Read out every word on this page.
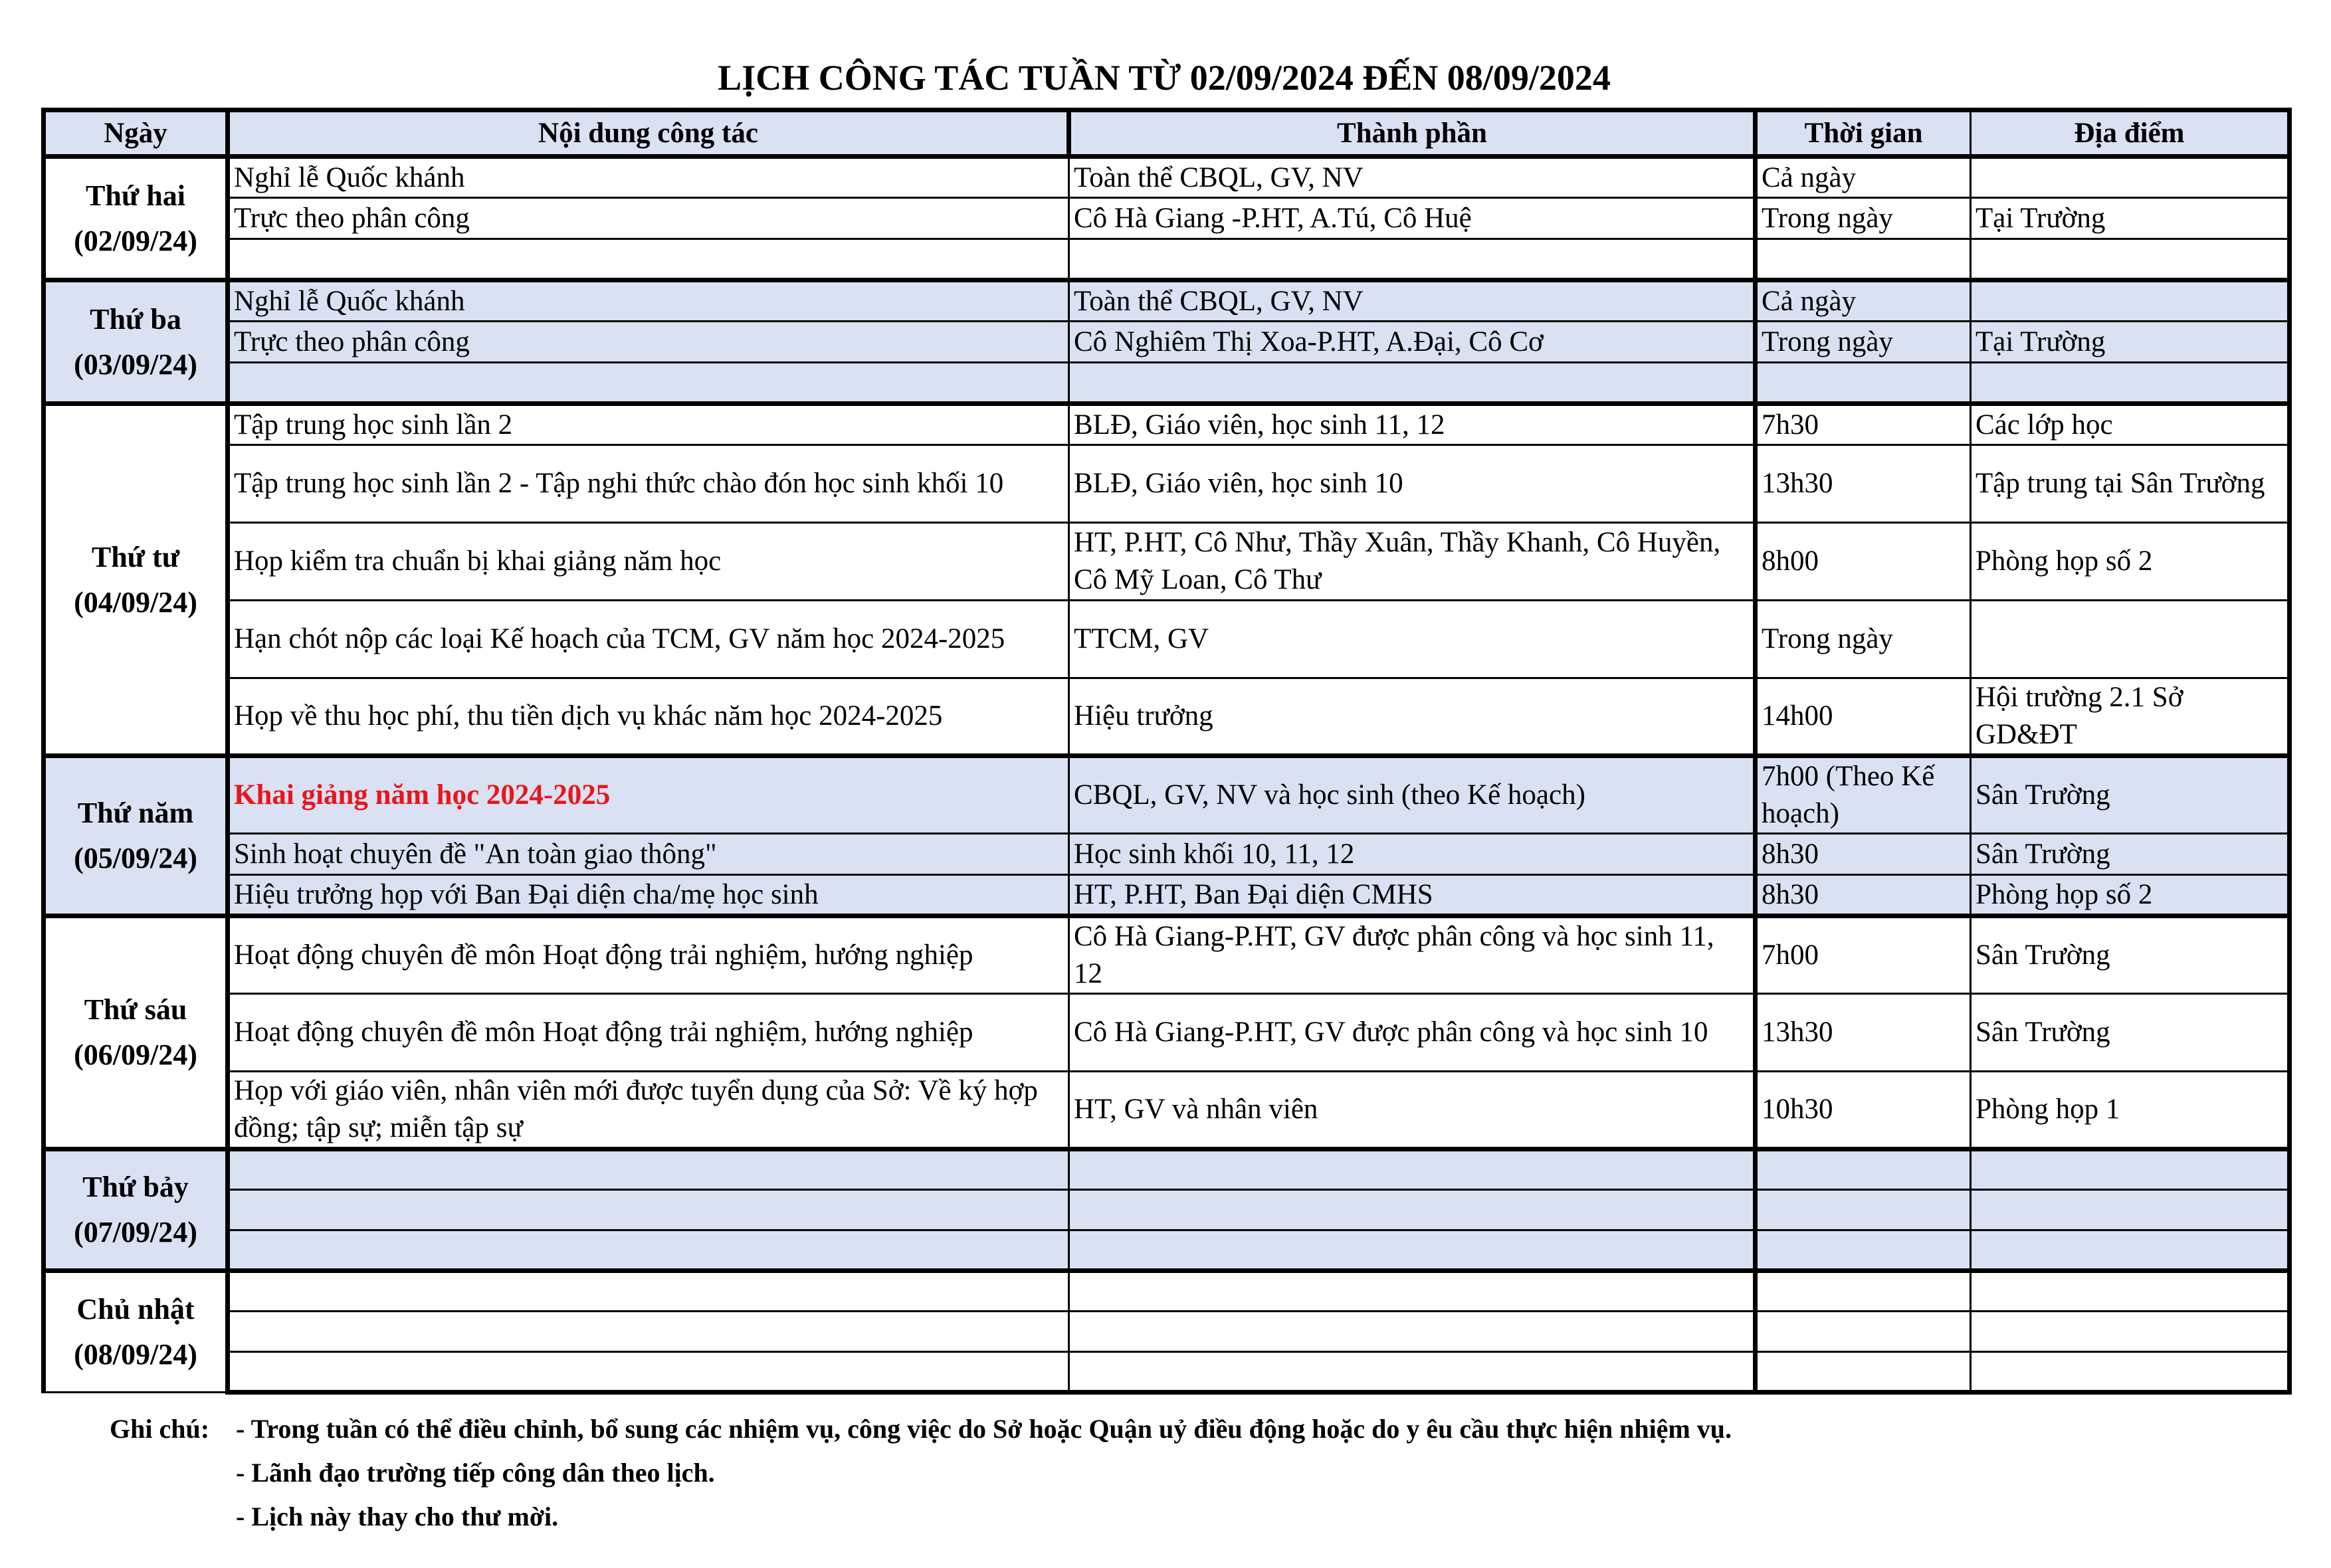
LỊCH CÔNG TÁC TUẦN TỪ 02/09/2024 ĐẾN 08/09/2024
Ngày	Nội dung công tác	Thành phần	Thời gian	Địa điểm

Thứ hai
(02/09/24)	Nghỉ lễ Quốc khánh	Toàn thể CBQL, GV, NV	Cả ngày	
	Trực theo phân công	Cô Hà Giang -P.HT, A.Tú, Cô Huệ	Trong ngày	Tại Trường

Thứ ba
(03/09/24)	Nghỉ lễ Quốc khánh	Toàn thể CBQL, GV, NV	Cả ngày	
	Trực theo phân công	Cô Nghiêm Thị Xoa-P.HT, A.Đại, Cô Cơ	Trong ngày	Tại Trường

Thứ tư
(04/09/24)	Tập trung học sinh lần 2	BLĐ, Giáo viên, học sinh 11, 12	7h30	Các lớp học
	Tập trung học sinh lần 2 - Tập nghi thức chào đón học sinh khối 10	BLĐ, Giáo viên, học sinh 10	13h30	Tập trung tại Sân Trường
	Họp kiểm tra chuẩn bị khai giảng năm học	HT, P.HT, Cô Như, Thầy Xuân, Thầy Khanh, Cô Huyền, Cô Mỹ Loan, Cô Thư	8h00	Phòng họp số 2
	Hạn chót nộp các loại Kế hoạch của TCM, GV năm học 2024-2025	TTCM, GV	Trong ngày	
	Họp về thu học phí, thu tiền dịch vụ khác năm học 2024-2025	Hiệu trưởng	14h00	Hội trường 2.1 Sở GD&ĐT

Thứ năm
(05/09/24)	Khai giảng năm học 2024-2025	CBQL, GV, NV và học sinh (theo Kế hoạch)	7h00 (Theo Kế hoạch)	Sân Trường
	Sinh hoạt chuyên đề "An toàn giao thông"	Học sinh khối 10, 11, 12	8h30	Sân Trường
	Hiệu trưởng họp với Ban Đại diện cha/mẹ học sinh	HT, P.HT, Ban Đại diện CMHS	8h30	Phòng họp số 2

Thứ sáu
(06/09/24)	Hoạt động chuyên đề môn Hoạt động trải nghiệm, hướng nghiệp	Cô Hà Giang-P.HT, GV được phân công và học sinh 11, 12	7h00	Sân Trường
	Hoạt động chuyên đề môn Hoạt động trải nghiệm, hướng nghiệp	Cô Hà Giang-P.HT, GV được phân công và học sinh 10	13h30	Sân Trường
	Họp với giáo viên, nhân viên mới được tuyển dụng của Sở: Về ký hợp đồng; tập sự; miễn tập sự	HT, GV và nhân viên	10h30	Phòng họp 1

Thứ bảy
(07/09/24)				

Chủ nhật
(08/09/24)				

Ghi chú: - Trong tuần có thể điều chỉnh, bổ sung các nhiệm vụ, công việc do Sở hoặc Quận uỷ điều động hoặc do y êu cầu thực hiện nhiệm vụ.
- Lãnh đạo trường tiếp công dân theo lịch.
- Lịch này thay cho thư mời.
